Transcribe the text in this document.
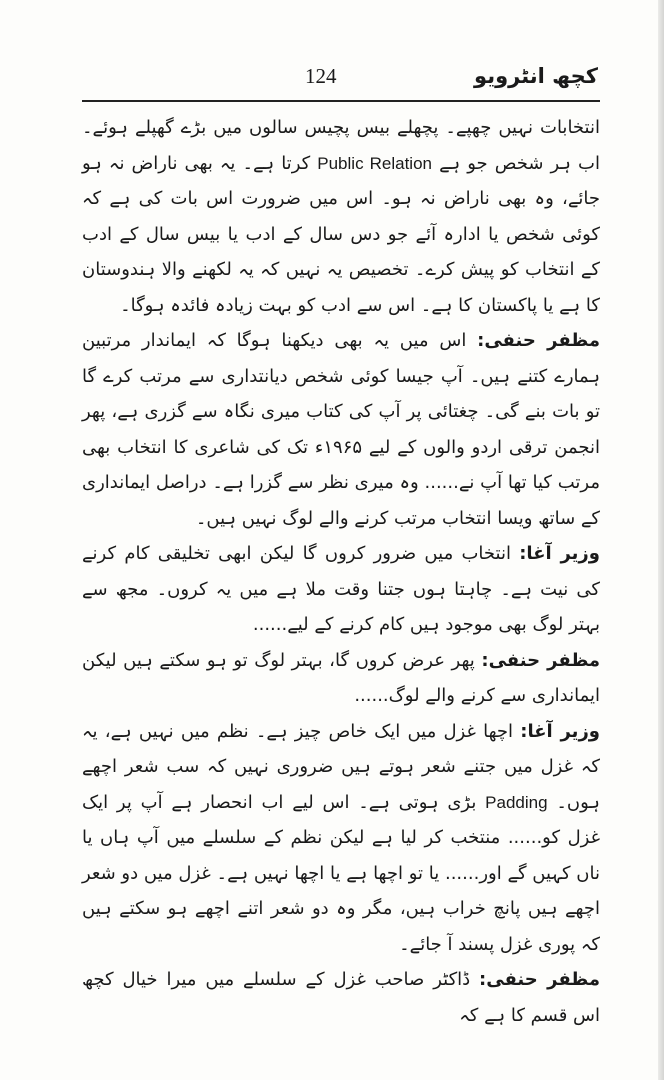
کچھ انٹرویو
124

انتخابات نہیں چھپے۔ پچھلے بیس پچیس سالوں میں بڑے گھپلے ہوئے۔ اب ہر شخص جو ہے Public Relation کرتا ہے۔ یہ بھی ناراض نہ ہو جائے، وہ بھی ناراض نہ ہو۔ اس میں ضرورت اس بات کی ہے کہ کوئی شخص یا ادارہ آئے جو دس سال کے ادب یا بیس سال کے ادب کے انتخاب کو پیش کرے۔ تخصیص یہ نہیں کہ یہ لکھنے والا ہندوستان کا ہے یا پاکستان کا ہے۔ اس سے ادب کو بہت زیادہ فائدہ ہوگا۔

مظفر حنفی: اس میں یہ بھی دیکھنا ہوگا کہ ایماندار مرتبین ہمارے کتنے ہیں۔ آپ جیسا کوئی شخص دیانتداری سے مرتب کرے گا تو بات بنے گی۔ چغتائی پر آپ کی کتاب میری نگاہ سے گزری ہے، پھر انجمن ترقی اردو والوں کے لیے ۱۹۶۵ء تک کی شاعری کا انتخاب بھی مرتب کیا تھا آپ نے...... وہ میری نظر سے گزرا ہے۔ دراصل ایمانداری کے ساتھ ویسا انتخاب مرتب کرنے والے لوگ نہیں ہیں۔

وزیر آغا: انتخاب میں ضرور کروں گا لیکن ابھی تخلیقی کام کرنے کی نیت ہے۔ چاہتا ہوں جتنا وقت ملا ہے میں یہ کروں۔ مجھ سے بہتر لوگ بھی موجود ہیں کام کرنے کے لیے......

مظفر حنفی: پھر عرض کروں گا، بہتر لوگ تو ہو سکتے ہیں لیکن ایمانداری سے کرنے والے لوگ......

وزیر آغا: اچھا غزل میں ایک خاص چیز ہے۔ نظم میں نہیں ہے، یہ کہ غزل میں جتنے شعر ہوتے ہیں ضروری نہیں کہ سب شعر اچھے ہوں۔ Padding بڑی ہوتی ہے۔ اس لیے اب انحصار ہے آپ پر ایک غزل کو...... منتخب کر لیا ہے لیکن نظم کے سلسلے میں آپ ہاں یا ناں کہیں گے اور...... یا تو اچھا ہے یا اچھا نہیں ہے۔ غزل میں دو شعر اچھے ہیں پانچ خراب ہیں، مگر وہ دو شعر اتنے اچھے ہو سکتے ہیں کہ پوری غزل پسند آ جائے۔

مظفر حنفی: ڈاکٹر صاحب غزل کے سلسلے میں میرا خیال کچھ اس قسم کا ہے کہ
